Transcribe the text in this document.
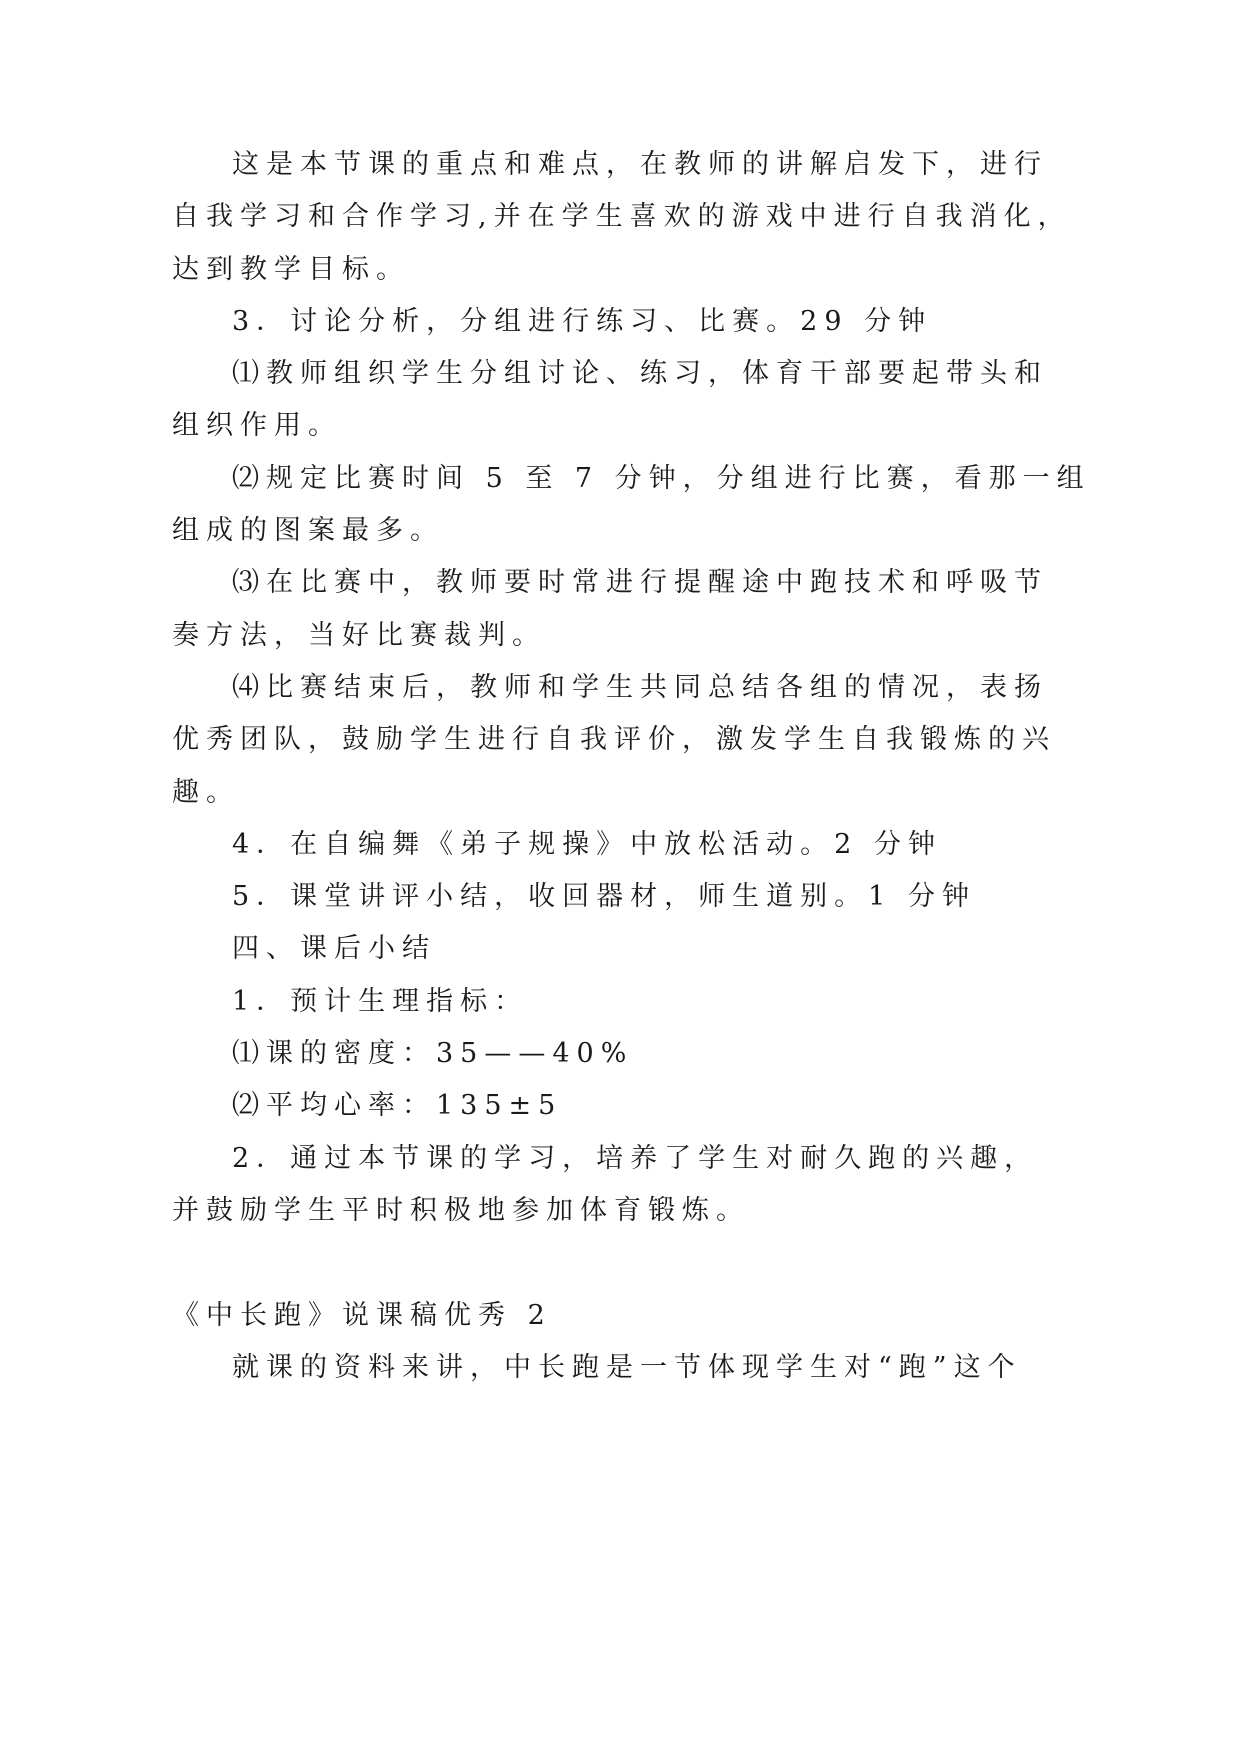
这是本节课的重点和难点，在教师的讲解启发下，进行
自我学习和合作学习,并在学生喜欢的游戏中进行自我消化，
达到教学目标。
3．讨论分析，分组进行练习、比赛。29 分钟
⑴教师组织学生分组讨论、练习，体育干部要起带头和
组织作用。
⑵规定比赛时间 5 至 7 分钟，分组进行比赛，看那一组
组成的图案最多。
⑶在比赛中，教师要时常进行提醒途中跑技术和呼吸节
奏方法，当好比赛裁判。
⑷比赛结束后，教师和学生共同总结各组的情况，表扬
优秀团队，鼓励学生进行自我评价，激发学生自我锻炼的兴
趣。
4．在自编舞《弟子规操》中放松活动。2 分钟
5．课堂讲评小结，收回器材，师生道别。1 分钟
四、课后小结
1．预计生理指标：
⑴课的密度：35——40%
⑵平均心率：135±5
2．通过本节课的学习，培养了学生对耐久跑的兴趣，
并鼓励学生平时积极地参加体育锻炼。
《中长跑》说课稿优秀 2
就课的资料来讲，中长跑是一节体现学生对“跑”这个
